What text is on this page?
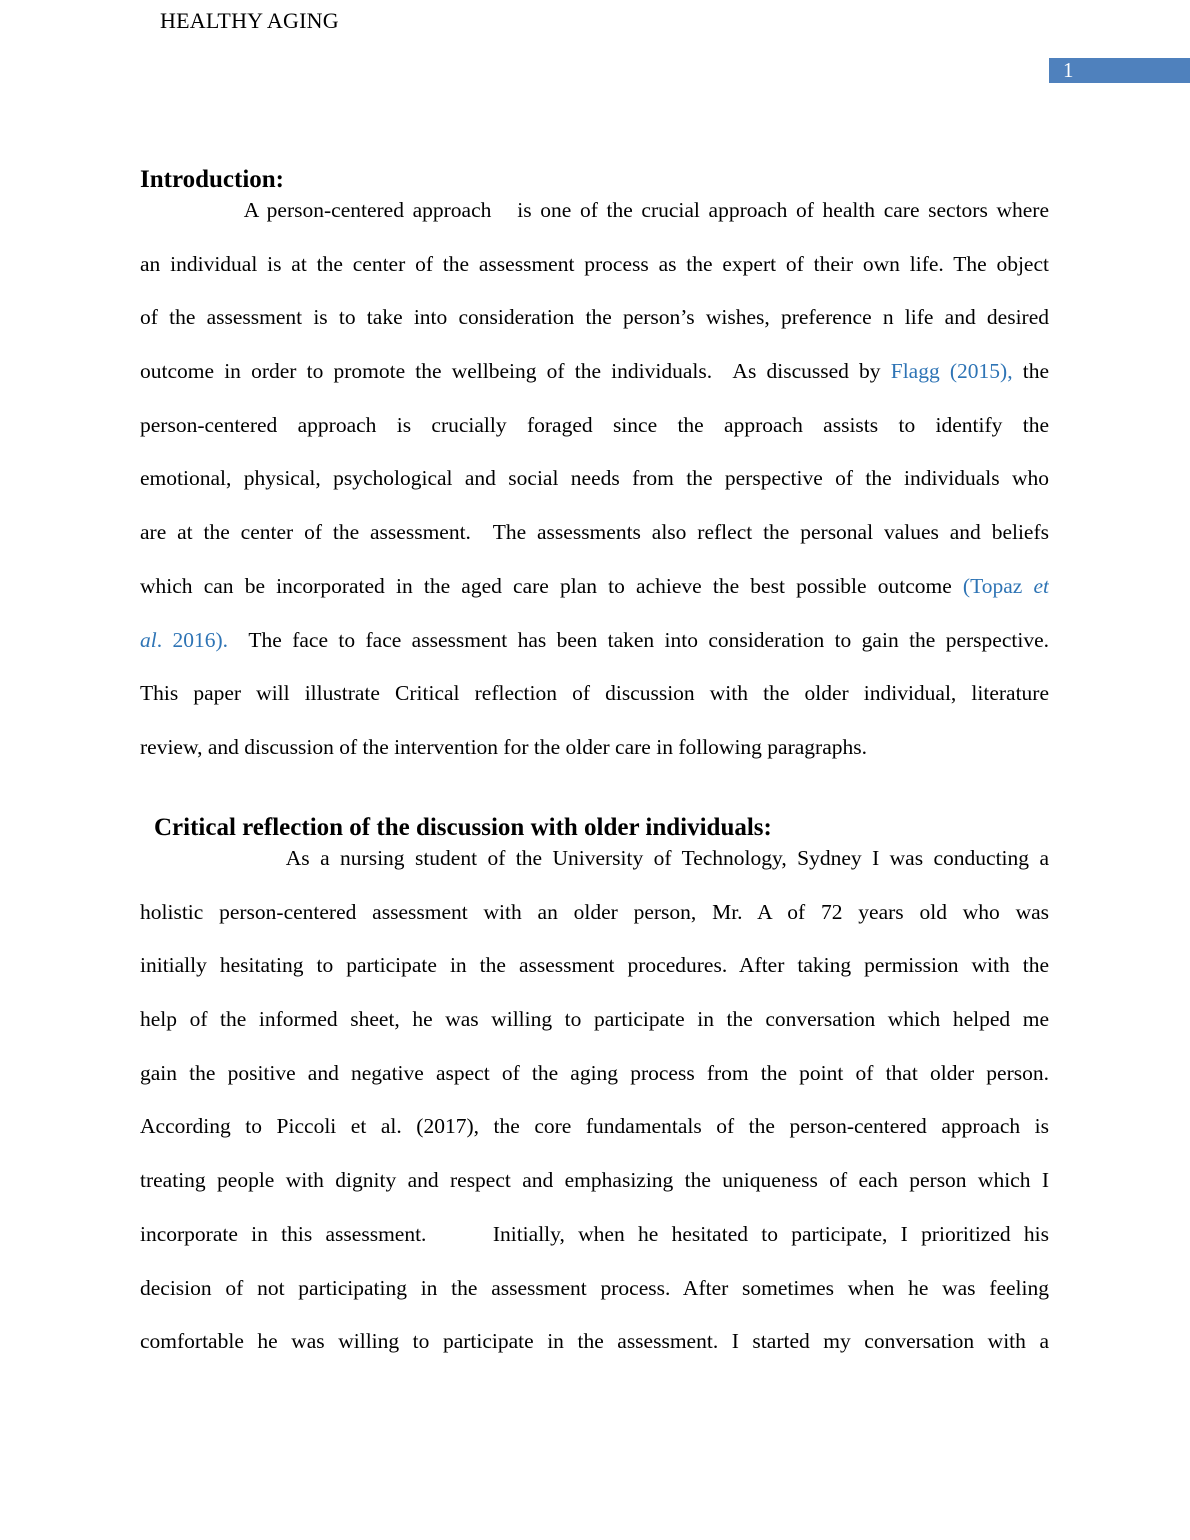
HEALTHY AGING
1
Introduction:
A person-centered approach   is one of the crucial approach of health care sectors where
an individual is at the center of the assessment process as the expert of their own life. The object
of the assessment is to take into consideration the person’s wishes, preference n life and desired
outcome in order to promote the wellbeing of the individuals.  As discussed by Flagg (2015), the
person-centered approach is crucially foraged since the approach assists to identify the
emotional, physical, psychological and social needs from the perspective of the individuals who
are at the center of the assessment.  The assessments also reflect the personal values and beliefs
which can be incorporated in the aged care plan to achieve the best possible outcome (Topaz et
al. 2016). The face to face assessment has been taken into consideration to gain the perspective.
This paper will illustrate Critical reflection of discussion with the older individual, literature
review, and discussion of the intervention for the older care in following paragraphs.
Critical reflection of the discussion with older individuals:
As a nursing student of the University of Technology, Sydney I was conducting a
holistic person-centered assessment with an older person, Mr. A of 72 years old who was
initially hesitating to participate in the assessment procedures. After taking permission with the
help of the informed sheet, he was willing to participate in the conversation which helped me
gain the positive and negative aspect of the aging process from the point of that older person.
According to Piccoli et al. (2017), the core fundamentals of the person-centered approach is
treating people with dignity and respect and emphasizing the uniqueness of each person which I
incorporate in this assessment.     Initially, when he hesitated to participate, I prioritized his
decision of not participating in the assessment process. After sometimes when he was feeling
comfortable he was willing to participate in the assessment. I started my conversation with a
